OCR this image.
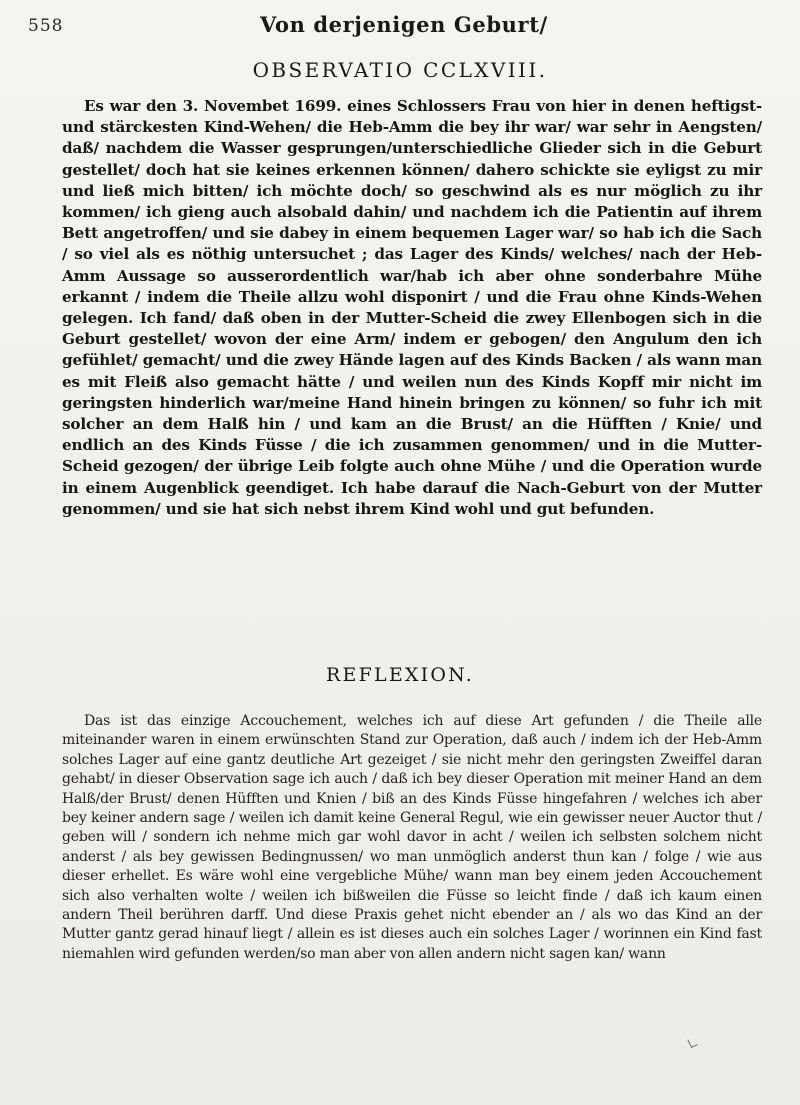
558	Von derjenigen Geburt/
OBSERVATIO CCLXVIII.

Es war den 3. Novembet 1699. eines Schlossers Frau von hier in denen heftigst- und stärckesten Kind-Wehen/ die Heb-Amm die bey ihr war/ war sehr in Aengsten/ daß/ nachdem die Wasser gesprungen/unterschiedliche Glieder sich in die Geburt gestellet/ doch hat sie keines erkennen können/ dahero schickte sie eyligst zu mir und ließ mich bitten/ ich möchte doch/ so geschwind als es nur möglich zu ihr kommen/ ich gieng auch alsobald dahin/ und nachdem ich die Patientin auf ihrem Bett angetroffen/ und sie dabey in einem bequemen Lager war/ so hab ich die Sach / so viel als es nöthig untersuchet ; das Lager des Kinds/ welches/ nach der Heb-Amm Aussage so ausserordentlich war/hab ich aber ohne sonderbahre Mühe erkannt / indem die Theile allzu wohl disponirt / und die Frau ohne Kinds-Wehen gelegen. Ich fand/ daß oben in der Mutter-Scheid die zwey Ellenbogen sich in die Geburt gestellet/ wovon der eine Arm/ indem er gebogen/ den Angulum den ich gefühlet/ gemacht/ und die zwey Hände lagen auf des Kinds Backen / als wann man es mit Fleiß also gemacht hätte / und weilen nun des Kinds Kopff mir nicht im geringsten hinderlich war/meine Hand hinein bringen zu können/ so fuhr ich mit solcher an dem Halß hin / und kam an die Brust/ an die Hüfften / Knie/ und endlich an des Kinds Füsse / die ich zusammen genommen/ und in die Mutter-Scheid gezogen/ der übrige Leib folgte auch ohne Mühe / und die Operation wurde in einem Augenblick geendiget. Ich habe darauf die Nach-Geburt von der Mutter genommen/ und sie hat sich nebst ihrem Kind wohl und gut befunden.

REFLEXION.

Das ist das einzige Accouchement, welches ich auf diese Art gefunden / die Theile alle miteinander waren in einem erwünschten Stand zur Operation, daß auch / indem ich der Heb-Amm solches Lager auf eine gantz deutliche Art gezeiget / sie nicht mehr den geringsten Zweiffel daran gehabt/ in dieser Observation sage ich auch / daß ich bey dieser Operation mit meiner Hand an dem Halß/der Brust/ denen Hüfften und Knien / biß an des Kinds Füsse hingefahren / welches ich aber bey keiner andern sage / weilen ich damit keine General Regul, wie ein gewisser neuer Auctor thut / geben will / sondern ich nehme mich gar wohl davor in acht / weilen ich selbsten solchem nicht anderst / als bey gewissen Bedingnussen/ wo man unmöglich anderst thun kan / folge / wie aus dieser erhellet. Es wäre wohl eine vergebliche Mühe/ wann man bey einem jeden Accouchement sich also verhalten wolte / weilen ich bißweilen die Füsse so leicht finde / daß ich kaum einen andern Theil berühren darff. Und diese Praxis gehet nicht ebender an / als wo das Kind an der Mutter gantz gerad hinauf liegt / allein es ist dieses auch ein solches Lager / worinnen ein Kind fast niemahlen wird gefunden werden/so man aber von allen andern nicht sagen kan/ wann
